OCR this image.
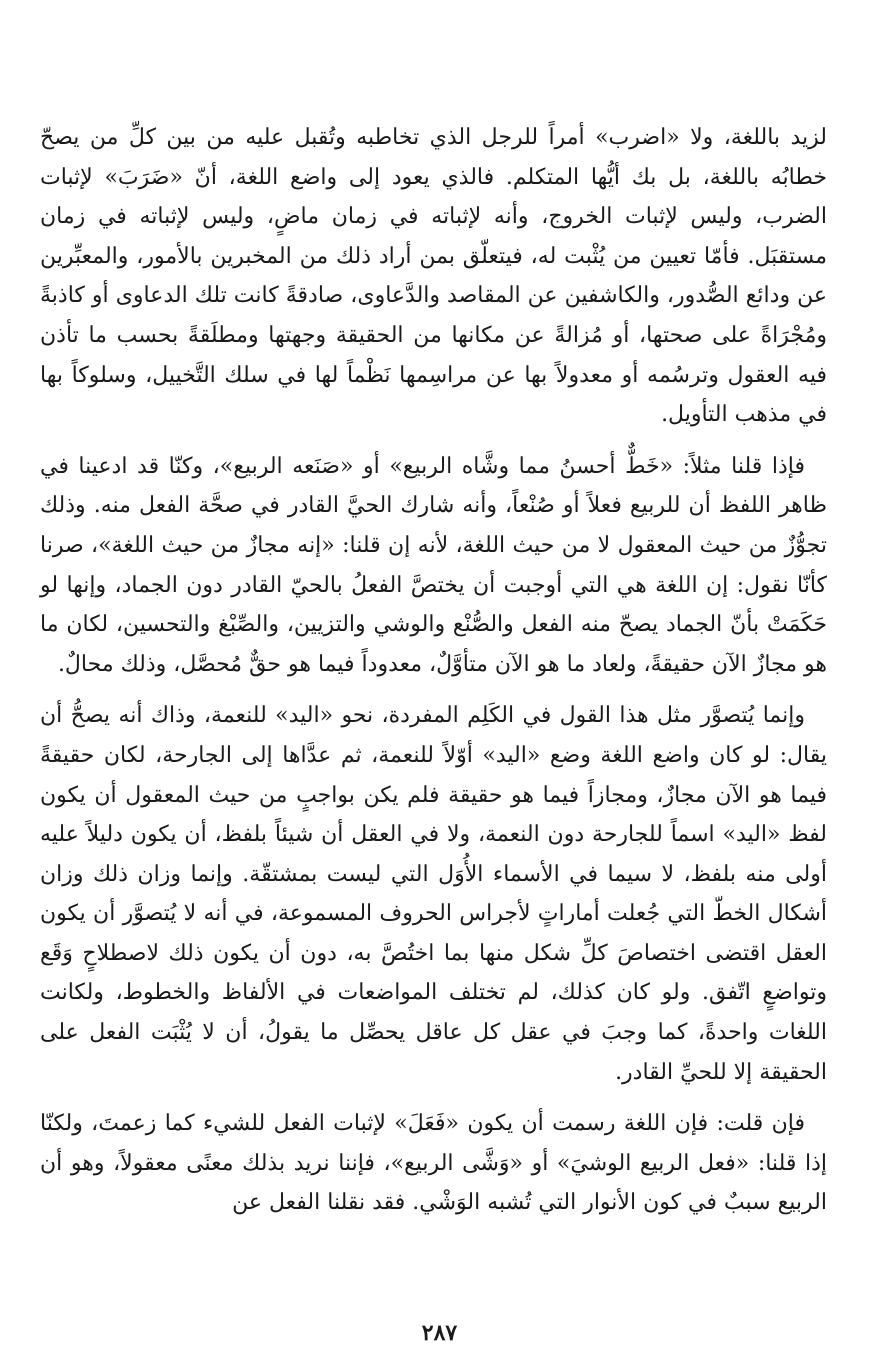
لزيد باللغة، ولا «اضرب» أمراً للرجل الذي تخاطبه وتُقبل عليه من بين كلِّ من يصحّ خطابُه باللغة، بل بك أيُّها المتكلم. فالذي يعود إلى واضع اللغة، أنّ «ضَرَبَ» لإثبات الضرب، وليس لإثبات الخروج، وأنه لإثباته في زمان ماضٍ، وليس لإثباته في زمان مستقبَل. فأمّا تعيين من يُثْبت له، فيتعلّق بمن أراد ذلك من المخبرين بالأمور، والمعبِّرين عن ودائع الصُّدور، والكاشفين عن المقاصد والدَّعاوى، صادقةً كانت تلك الدعاوى أو كاذبةً ومُجْرَاةً على صحتها، أو مُزالةً عن مكانها من الحقيقة وجهتها ومطلَقةً بحسب ما تأذن فيه العقول وترسُمه أو معدولاً بها عن مراسِمها نَظْماً لها في سلك التَّخييل، وسلوكاً بها في مذهب التأويل.

فإذا قلنا مثلاً: «خَطٌّ أحسنُ مما وشَّاه الربيع» أو «صَنَعه الربيع»، وكنّا قد ادعينا في ظاهر اللفظ أن للربيع فعلاً أو صُنْعاً، وأنه شارك الحيَّ القادر في صحَّة الفعل منه. وذلك تجوُّزٌ من حيث المعقول لا من حيث اللغة، لأنه إن قلنا: «إنه مجازٌ من حيث اللغة»، صرنا كأنّا نقول: إن اللغة هي التي أوجبت أن يختصَّ الفعلُ بالحيّ القادر دون الجماد، وإنها لو حَكَمَتْ بأنّ الجماد يصحّ منه الفعل والصُّنْع والوشي والتزيين، والصِّبْغ والتحسين، لكان ما هو مجازٌ الآن حقيقةً، ولعاد ما هو الآن متأوَّلٌ، معدوداً فيما هو حقٌّ مُحصَّل، وذلك محالٌ.

وإنما يُتصوَّر مثل هذا القول في الكَلِم المفردة، نحو «اليد» للنعمة، وذاك أنه يصحُّ أن يقال: لو كان واضع اللغة وضع «اليد» أوّلاً للنعمة، ثم عدَّاها إلى الجارحة، لكان حقيقةً فيما هو الآن مجازٌ، ومجازاً فيما هو حقيقة فلم يكن بواجبٍ من حيث المعقول أن يكون لفظ «اليد» اسماً للجارحة دون النعمة، ولا في العقل أن شيئاً بلفظ، أن يكون دليلاً عليه أولى منه بلفظ، لا سيما في الأسماء الأُوَل التي ليست بمشتقّة. وإنما وزان ذلك وزان أشكال الخطّ التي جُعلت أماراتٍ لأجراس الحروف المسموعة، في أنه لا يُتصوَّر أن يكون العقل اقتضى اختصاصَ كلِّ شكل منها بما اختُصَّ به، دون أن يكون ذلك لاصطلاحٍ وَقَع وتواضعٍ اتّفق. ولو كان كذلك، لم تختلف المواضعات في الألفاظ والخطوط، ولكانت اللغات واحدةً، كما وجبَ في عقل كل عاقل يحصِّل ما يقولُ، أن لا يُثْبَت الفعل على الحقيقة إلا للحيِّ القادر.

فإن قلت: فإن اللغة رسمت أن يكون «فَعَلَ» لإثبات الفعل للشيء كما زعمتَ، ولكنّا إذا قلنا: «فعل الربيع الوشيَ» أو «وَشَّى الربيع»، فإننا نريد بذلك معنًى معقولاً، وهو أن الربيع سببٌ في كون الأنوار التي تُشبه الوَشْي. فقد نقلنا الفعل عن

٢٨٧
